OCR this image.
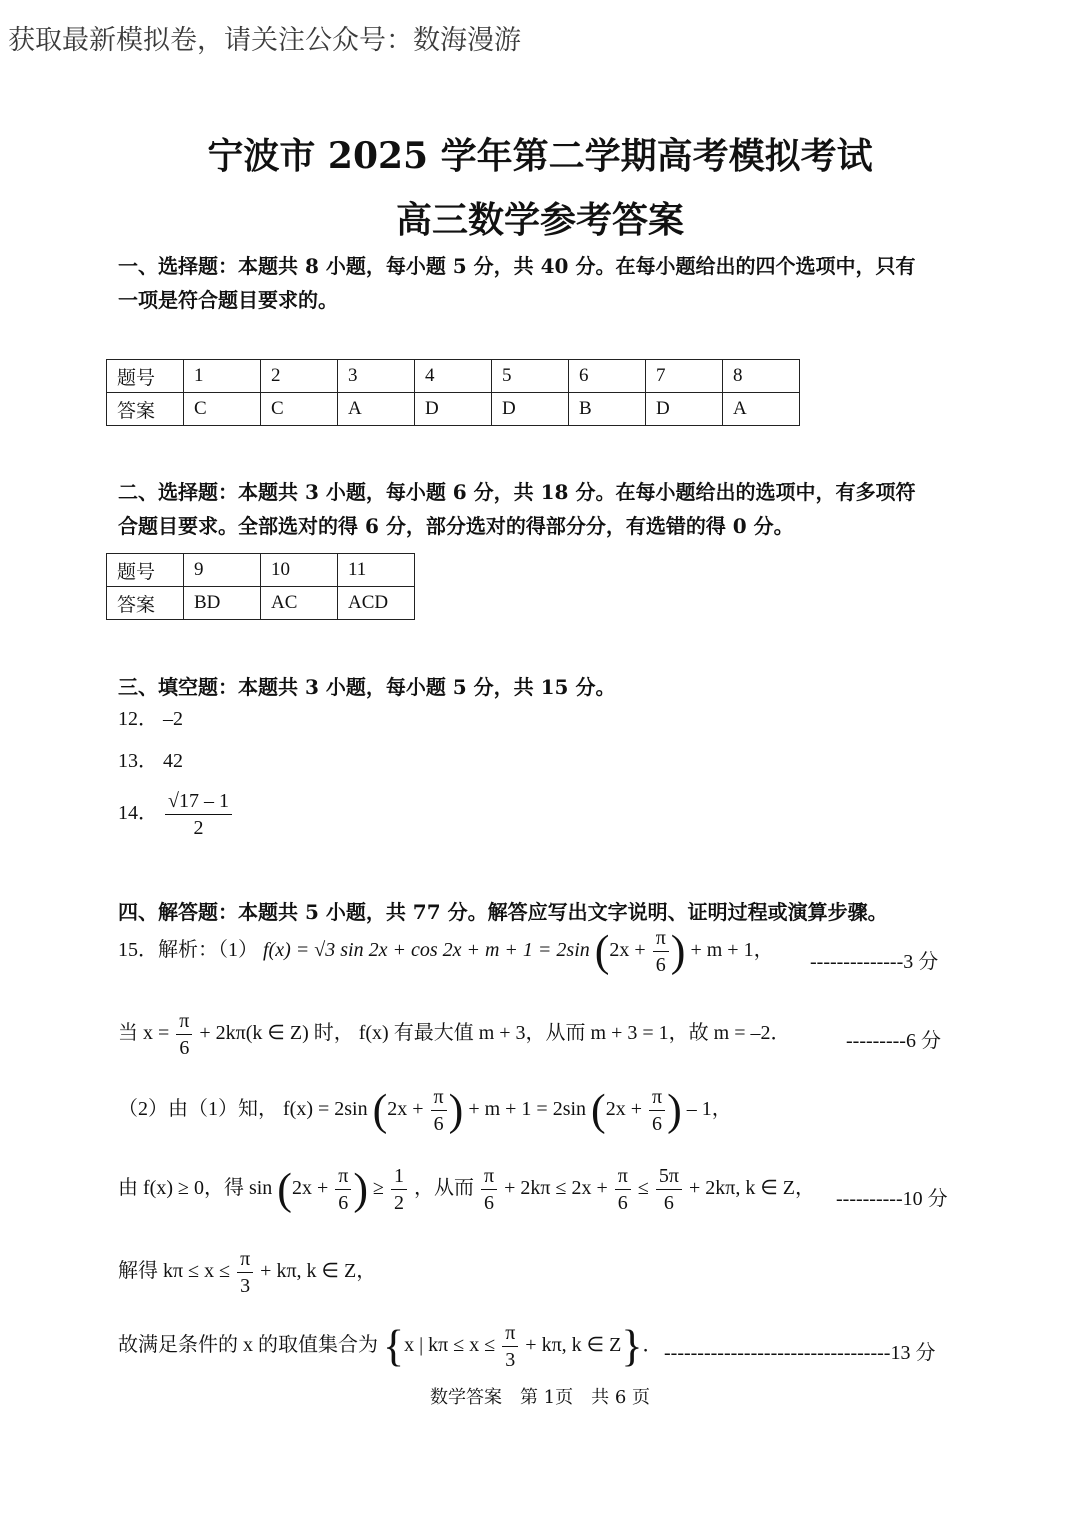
获取最新模拟卷，请关注公众号：数海漫游
宁波市 2025 学年第二学期高考模拟考试
高三数学参考答案
一、选择题：本题共 8 小题，每小题 5 分，共 40 分。在每小题给出的四个选项中，只有
一项是符合题目要求的。
题号	1	2	3	4	5	6	7	8
答案	C	C	A	D	D	B	D	A
二、选择题：本题共 3 小题，每小题 6 分，共 18 分。在每小题给出的选项中，有多项符
合题目要求。全部选对的得 6 分，部分选对的得部分分，有选错的得 0 分。
题号	9	10	11
答案	BD	AC	ACD
三、填空题：本题共 3 小题，每小题 5 分，共 15 分。
12． –2
13． 42
14． $\frac{√17 - 1}{2}$
四、解答题：本题共 5 小题，共 77 分。解答应写出文字说明、证明过程或演算步骤。
15．解析：（1） f(x) = √3 sin 2x + cos 2x + m + 1 = 2sin ($2x + \frac{\pi}{6}$ ) + m + 1，
--------------3 分
当 $x = \frac{\pi}{6} + 2k\pi(k$ ∈ Z) 时， f(x) 有最大值 m + 3，从而 m + 3 = 1，故 m = –2．	---------6 分
（2）由（1）知， f(x) = 2sin ($2x + \frac{\pi}{6}$ ) + m + 1 = 2sin ($2x + \frac{\pi}{6}$ ) – 1，
由 f(x) ≥ 0，得 $\sin (2x + \frac{\pi}{6}$ ) ≥ $\frac{1}{2}$ ，从而 $\frac{\pi}{6} + 2k\pi \le 2x + \frac{\pi}{6} \le \frac{5\pi}{6} + 2k\pi$, k ∈ Z， ----------10 分
解得 $k\pi \le x \le \frac{\pi}{3} + k\pi$, k ∈ Z，
故满足条件的 x 的取值集合为 {x | $k\pi \le x \le \frac{\pi}{3} + k\pi$, k ∈ Z}． ----------------------------------13 分
数学答案　第 1页　共 6 页
